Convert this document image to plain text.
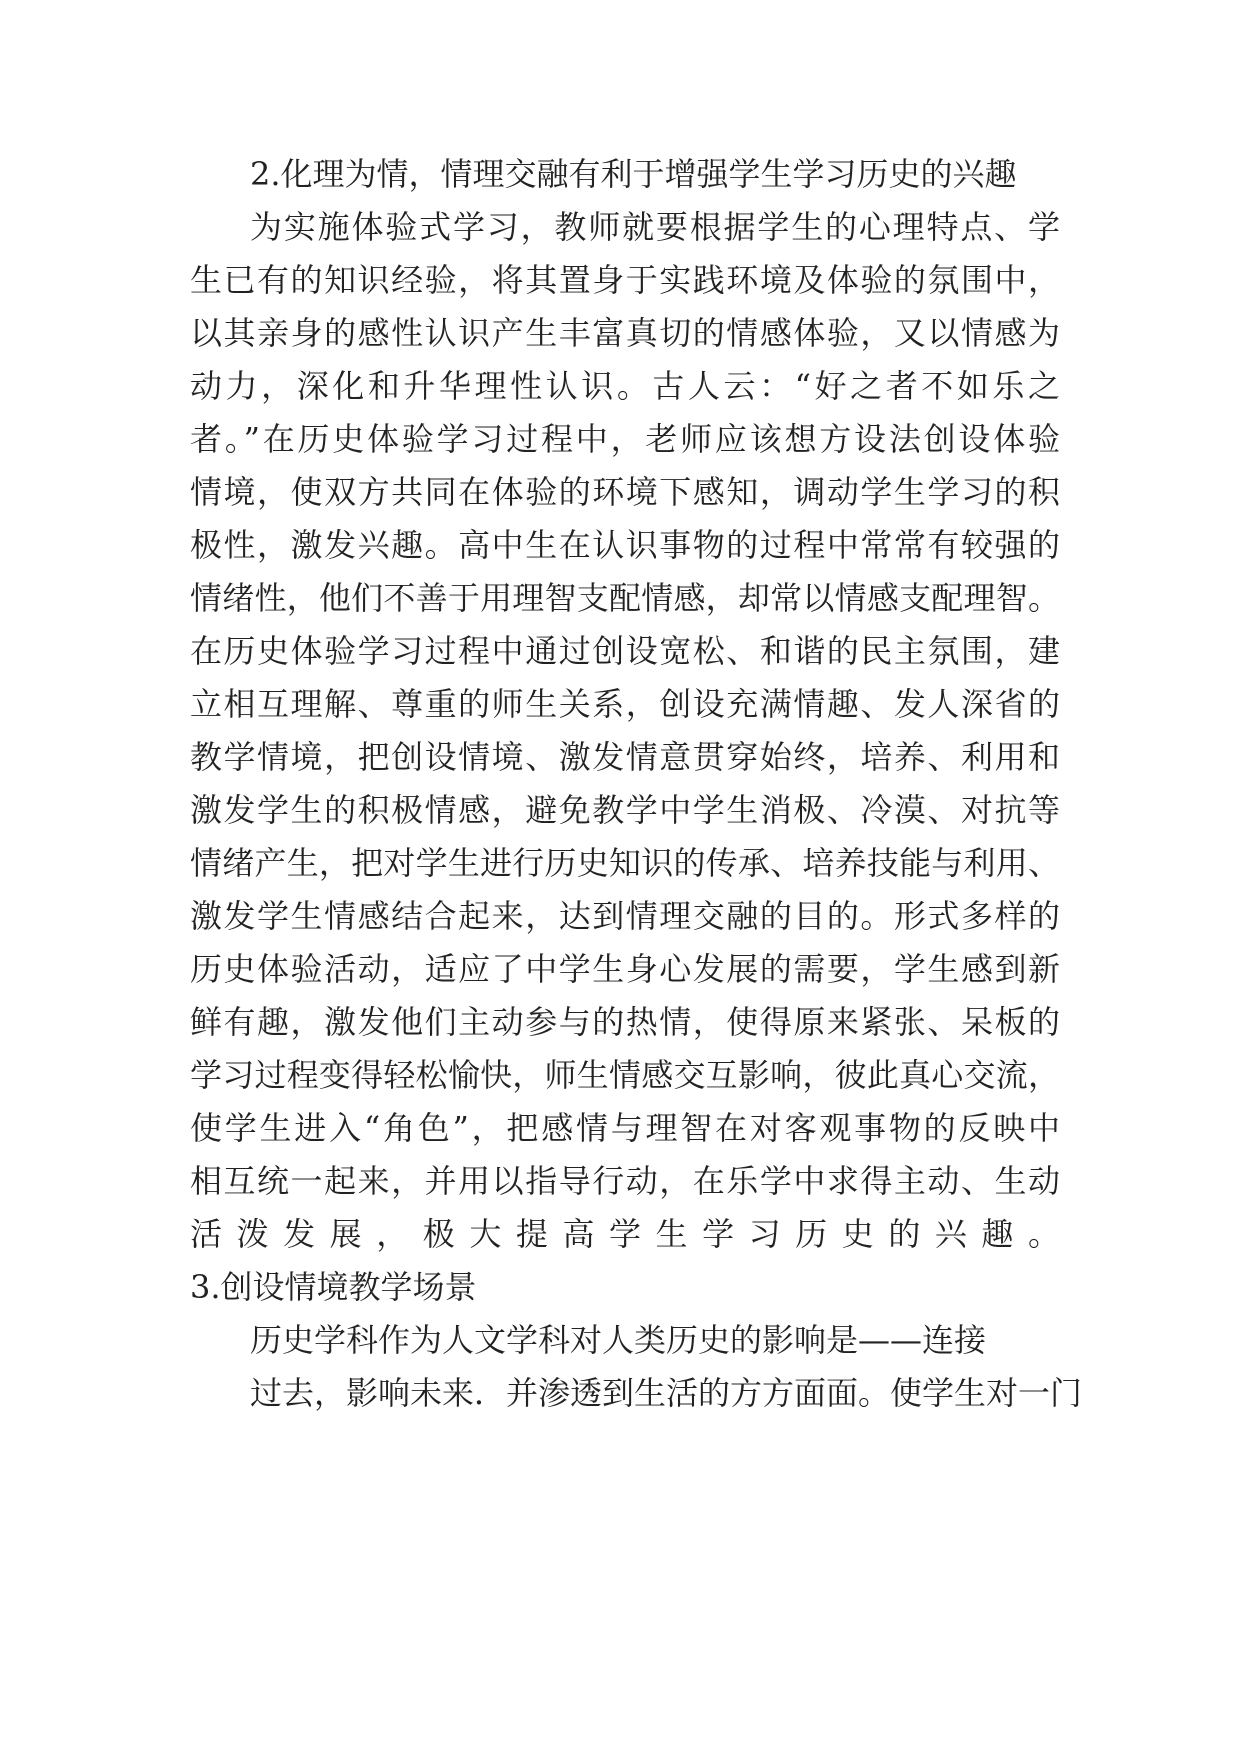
2.化理为情，情理交融有利于增强学生学习历史的兴趣
为实施体验式学习，教师就要根据学生的心理特点、学
生已有的知识经验，将其置身于实践环境及体验的氛围中，
以其亲身的感性认识产生丰富真切的情感体验，又以情感为
动力，深化和升华理性认识。古人云：“好之者不如乐之
者。”在历史体验学习过程中，老师应该想方设法创设体验
情境，使双方共同在体验的环境下感知，调动学生学习的积
极性，激发兴趣。高中生在认识事物的过程中常常有较强的
情绪性，他们不善于用理智支配情感，却常以情感支配理智。
在历史体验学习过程中通过创设宽松、和谐的民主氛围，建
立相互理解、尊重的师生关系，创设充满情趣、发人深省的
教学情境，把创设情境、激发情意贯穿始终，培养、利用和
激发学生的积极情感，避免教学中学生消极、冷漠、对抗等
情绪产生，把对学生进行历史知识的传承、培养技能与利用、
激发学生情感结合起来，达到情理交融的目的。形式多样的
历史体验活动，适应了中学生身心发展的需要，学生感到新
鲜有趣，激发他们主动参与的热情，使得原来紧张、呆板的
学习过程变得轻松愉快，师生情感交互影响，彼此真心交流，
使学生进入“角色”，把感情与理智在对客观事物的反映中
相互统一起来，并用以指导行动，在乐学中求得主动、生动
活泼发展，极大提高学生学习历史的兴趣。
3.创设情境教学场景
历史学科作为人文学科对人类历史的影响是——连接
过去，影响未来．并渗透到生活的方方面面。使学生对一门
